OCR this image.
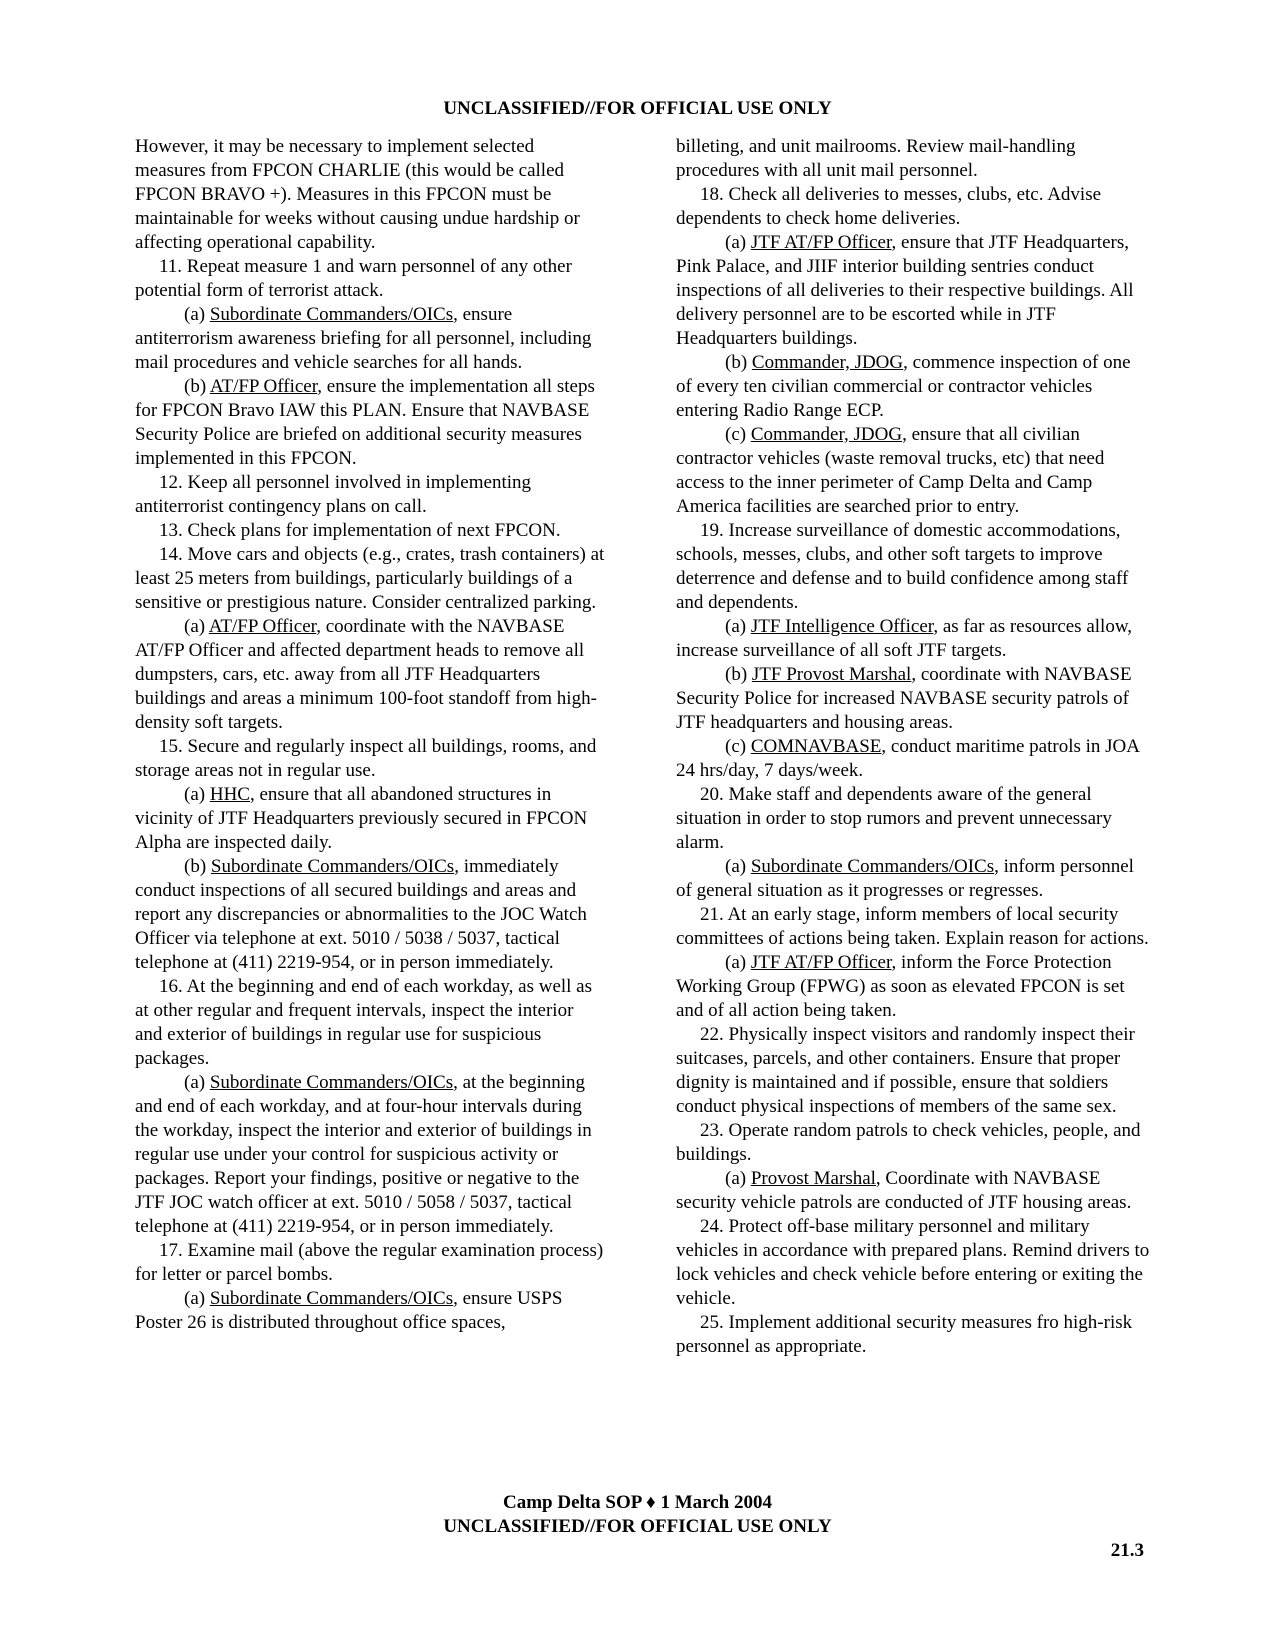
UNCLASSIFIED//FOR OFFICIAL USE ONLY

However, it may be necessary to implement selected measures from FPCON CHARLIE (this would be called FPCON BRAVO +). Measures in this FPCON must be maintainable for weeks without causing undue hardship or affecting operational capability.

11. Repeat measure 1 and warn personnel of any other potential form of terrorist attack.

(a) Subordinate Commanders/OICs, ensure antiterrorism awareness briefing for all personnel, including mail procedures and vehicle searches for all hands.

(b) AT/FP Officer, ensure the implementation all steps for FPCON Bravo IAW this PLAN. Ensure that NAVBASE Security Police are briefed on additional security measures implemented in this FPCON.

12. Keep all personnel involved in implementing antiterrorist contingency plans on call.

13. Check plans for implementation of next FPCON.

14. Move cars and objects (e.g., crates, trash containers) at least 25 meters from buildings, particularly buildings of a sensitive or prestigious nature. Consider centralized parking.

(a) AT/FP Officer, coordinate with the NAVBASE AT/FP Officer and affected department heads to remove all dumpsters, cars, etc. away from all JTF Headquarters buildings and areas a minimum 100-foot standoff from high-density soft targets.

15. Secure and regularly inspect all buildings, rooms, and storage areas not in regular use.

(a) HHC, ensure that all abandoned structures in vicinity of JTF Headquarters previously secured in FPCON Alpha are inspected daily.

(b) Subordinate Commanders/OICs, immediately conduct inspections of all secured buildings and areas and report any discrepancies or abnormalities to the JOC Watch Officer via telephone at ext. 5010 / 5038 / 5037, tactical telephone at (411) 2219-954, or in person immediately.

16. At the beginning and end of each workday, as well as at other regular and frequent intervals, inspect the interior and exterior of buildings in regular use for suspicious packages.

(a) Subordinate Commanders/OICs, at the beginning and end of each workday, and at four-hour intervals during the workday, inspect the interior and exterior of buildings in regular use under your control for suspicious activity or packages. Report your findings, positive or negative to the JTF JOC watch officer at ext. 5010 / 5058 / 5037, tactical telephone at (411) 2219-954, or in person immediately.

17. Examine mail (above the regular examination process) for letter or parcel bombs.

(a) Subordinate Commanders/OICs, ensure USPS Poster 26 is distributed throughout office spaces,

billeting, and unit mailrooms. Review mail-handling procedures with all unit mail personnel.

18. Check all deliveries to messes, clubs, etc. Advise dependents to check home deliveries.

(a) JTF AT/FP Officer, ensure that JTF Headquarters, Pink Palace, and JIIF interior building sentries conduct inspections of all deliveries to their respective buildings. All delivery personnel are to be escorted while in JTF Headquarters buildings.

(b) Commander, JDOG, commence inspection of one of every ten civilian commercial or contractor vehicles entering Radio Range ECP.

(c) Commander, JDOG, ensure that all civilian contractor vehicles (waste removal trucks, etc) that need access to the inner perimeter of Camp Delta and Camp America facilities are searched prior to entry.

19. Increase surveillance of domestic accommodations, schools, messes, clubs, and other soft targets to improve deterrence and defense and to build confidence among staff and dependents.

(a) JTF Intelligence Officer, as far as resources allow, increase surveillance of all soft JTF targets.

(b) JTF Provost Marshal, coordinate with NAVBASE Security Police for increased NAVBASE security patrols of JTF headquarters and housing areas.

(c) COMNAVBASE, conduct maritime patrols in JOA 24 hrs/day, 7 days/week.

20. Make staff and dependents aware of the general situation in order to stop rumors and prevent unnecessary alarm.

(a) Subordinate Commanders/OICs, inform personnel of general situation as it progresses or regresses.

21. At an early stage, inform members of local security committees of actions being taken. Explain reason for actions.

(a) JTF AT/FP Officer, inform the Force Protection Working Group (FPWG) as soon as elevated FPCON is set and of all action being taken.

22. Physically inspect visitors and randomly inspect their suitcases, parcels, and other containers. Ensure that proper dignity is maintained and if possible, ensure that soldiers conduct physical inspections of members of the same sex.

23. Operate random patrols to check vehicles, people, and buildings.

(a) Provost Marshal, Coordinate with NAVBASE security vehicle patrols are conducted of JTF housing areas.

24. Protect off-base military personnel and military vehicles in accordance with prepared plans. Remind drivers to lock vehicles and check vehicle before entering or exiting the vehicle.

25. Implement additional security measures fro high-risk personnel as appropriate.

Camp Delta SOP ♦ 1 March 2004
UNCLASSIFIED//FOR OFFICIAL USE ONLY
21.3
